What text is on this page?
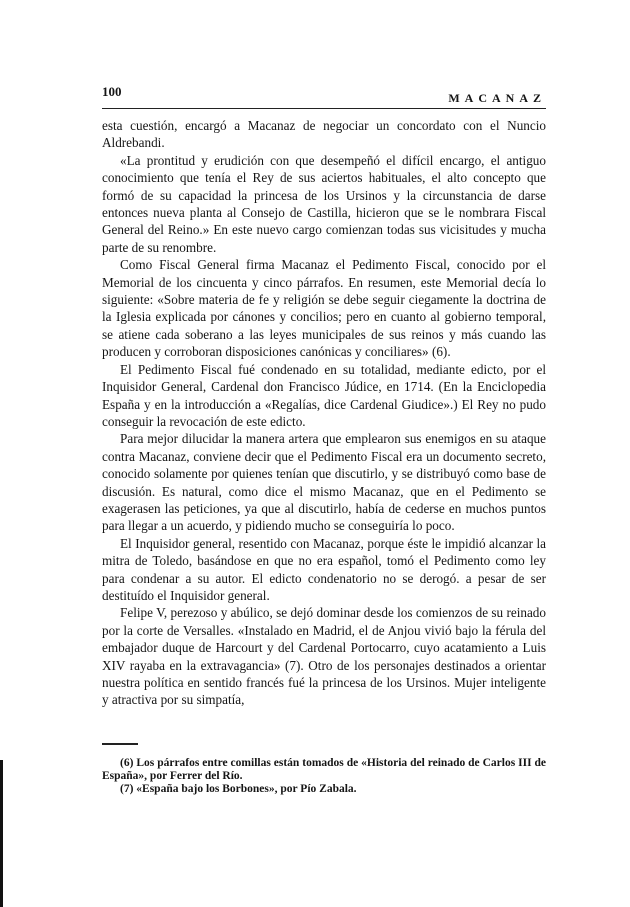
100	MACANAZ

esta cuestión, encargó a Macanaz de negociar un concordato con el Nuncio Aldrebandi.

«La prontitud y erudición con que desempeñó el difícil encargo, el antiguo conocimiento que tenía el Rey de sus aciertos habituales, el alto concepto que formó de su capacidad la princesa de los Ursinos y la circunstancia de darse entonces nueva planta al Consejo de Castilla, hicieron que se le nombrara Fiscal General del Reino.» En este nuevo cargo comienzan todas sus vicisitudes y mucha parte de su renombre.

Como Fiscal General firma Macanaz el Pedimento Fiscal, conocido por el Memorial de los cincuenta y cinco párrafos. En resumen, este Memorial decía lo siguiente: «Sobre materia de fe y religión se debe seguir ciegamente la doctrina de la Iglesia explicada por cánones y concilios; pero en cuanto al gobierno temporal, se atiene cada soberano a las leyes municipales de sus reinos y más cuando las producen y corroboran disposiciones canónicas y conciliares» (6).

El Pedimento Fiscal fué condenado en su totalidad, mediante edicto, por el Inquisidor General, Cardenal don Francisco Júdice, en 1714. (En la Enciclopedia España y en la introducción a «Regalías, dice Cardenal Giudice».) El Rey no pudo conseguir la revocación de este edicto.

Para mejor dilucidar la manera artera que emplearon sus enemigos en su ataque contra Macanaz, conviene decir que el Pedimento Fiscal era un documento secreto, conocido solamente por quienes tenían que discutirlo, y se distribuyó como base de discusión. Es natural, como dice el mismo Macanaz, que en el Pedimento se exagerasen las peticiones, ya que al discutirlo, había de cederse en muchos puntos para llegar a un acuerdo, y pidiendo mucho se conseguiría lo poco.

El Inquisidor general, resentido con Macanaz, porque éste le impidió alcanzar la mitra de Toledo, basándose en que no era español, tomó el Pedimento como ley para condenar a su autor. El edicto condenatorio no se derogó. a pesar de ser destituído el Inquisidor general.

Felipe V, perezoso y abúlico, se dejó dominar desde los comienzos de su reinado por la corte de Versalles. «Instalado en Madrid, el de Anjou vivió bajo la férula del embajador duque de Harcourt y del Cardenal Portocarro, cuyo acatamiento a Luis XIV rayaba en la extravagancia» (7). Otro de los personajes destinados a orientar nuestra política en sentido francés fué la princesa de los Ursinos. Mujer inteligente y atractiva por su simpatía,

(6) Los párrafos entre comillas están tomados de «Historia del reinado de Carlos III de España», por Ferrer del Río.

(7) «España bajo los Borbones», por Pío Zabala.
